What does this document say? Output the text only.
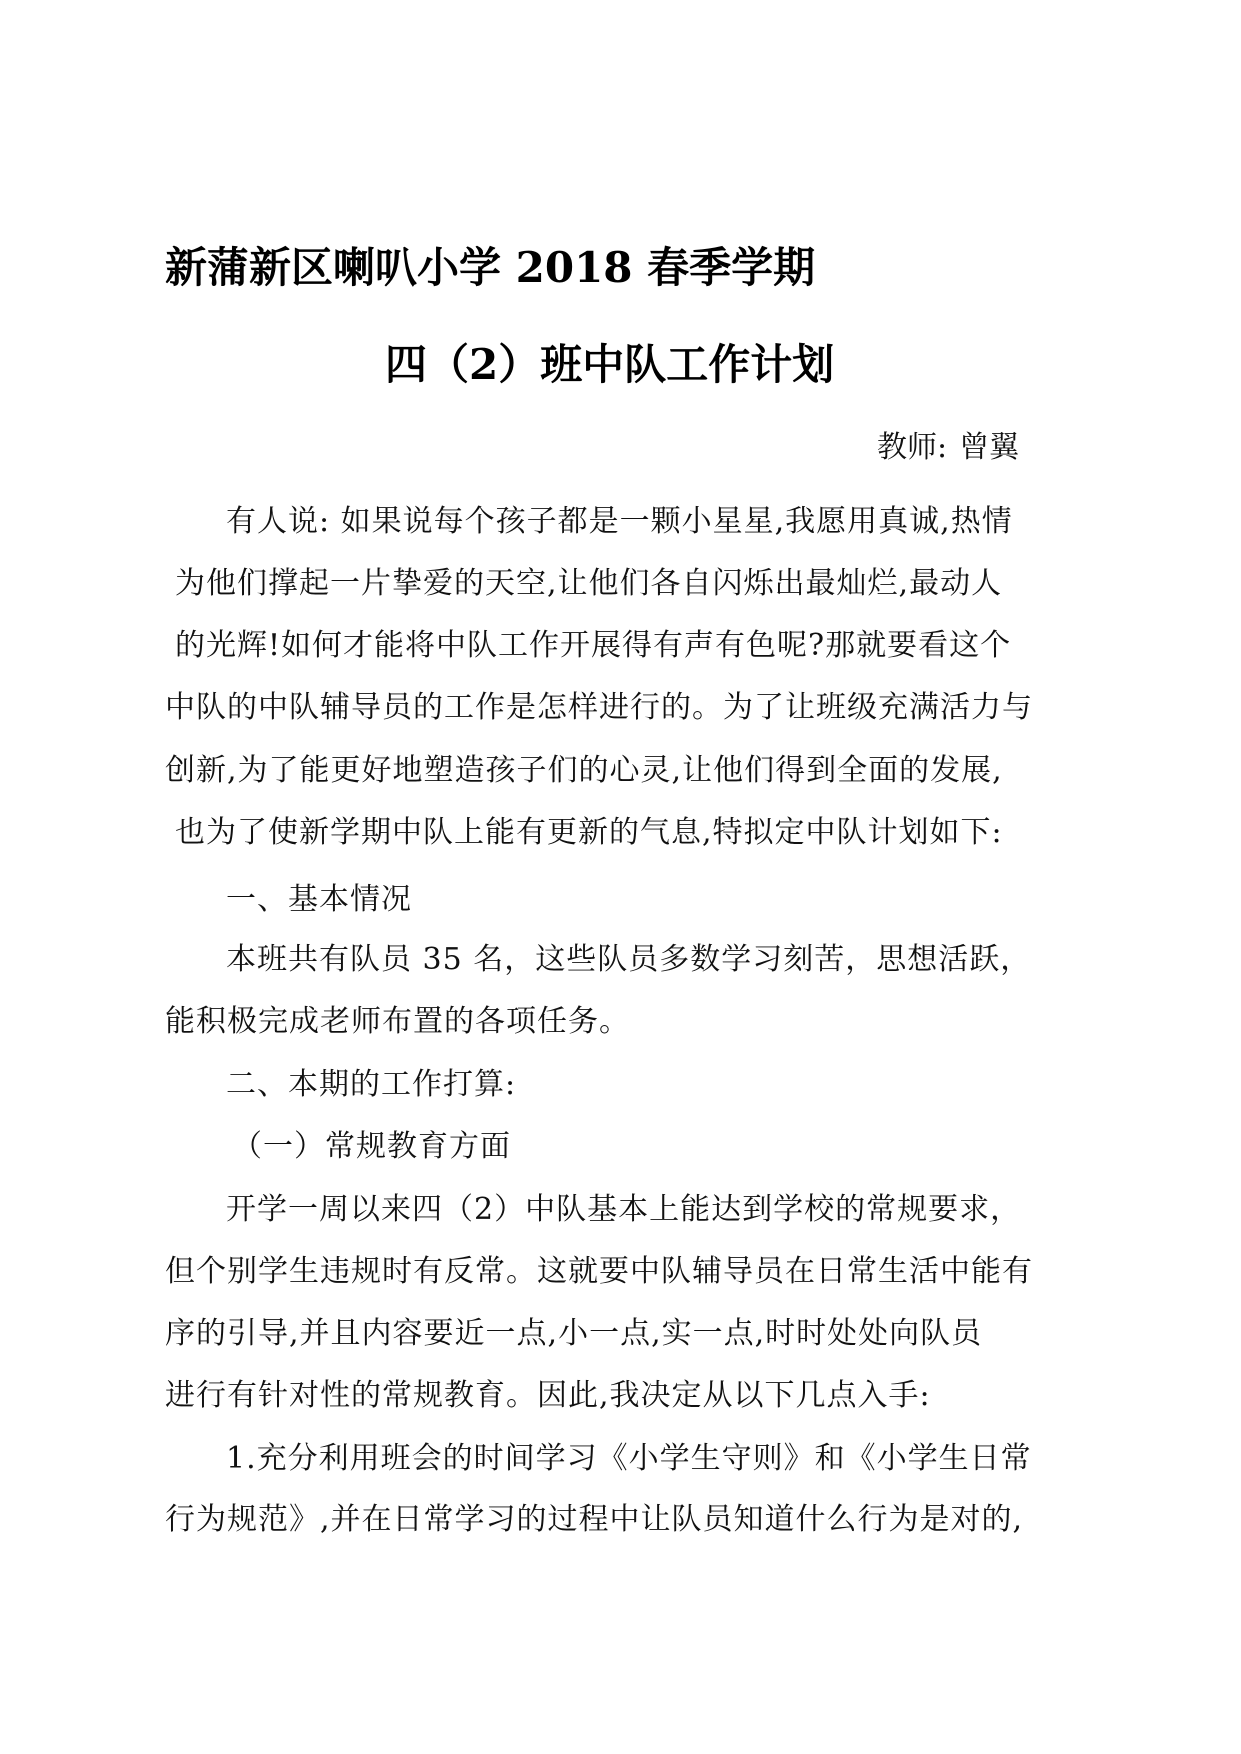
新蒲新区喇叭小学 2018 春季学期
四（2）班中队工作计划
教师: 曾翼

有人说: 如果说每个孩子都是一颗小星星,我愿用真诚,热情

为他们撑起一片挚爱的天空,让他们各自闪烁出最灿烂,最动人

的光辉!如何才能将中队工作开展得有声有色呢?那就要看这个

中队的中队辅导员的工作是怎样进行的。为了让班级充满活力与

创新,为了能更好地塑造孩子们的心灵,让他们得到全面的发展,

也为了使新学期中队上能有更新的气息,特拟定中队计划如下:

一、基本情况

本班共有队员 35 名，这些队员多数学习刻苦，思想活跃，

能积极完成老师布置的各项任务。

二、本期的工作打算:

（一）常规教育方面

开学一周以来四（2）中队基本上能达到学校的常规要求，

但个别学生违规时有反常。这就要中队辅导员在日常生活中能有

序的引导,并且内容要近一点,小一点,实一点,时时处处向队员

进行有针对性的常规教育。因此,我决定从以下几点入手:

1.充分利用班会的时间学习《小学生守则》和《小学生日常

行为规范》,并在日常学习的过程中让队员知道什么行为是对的,
